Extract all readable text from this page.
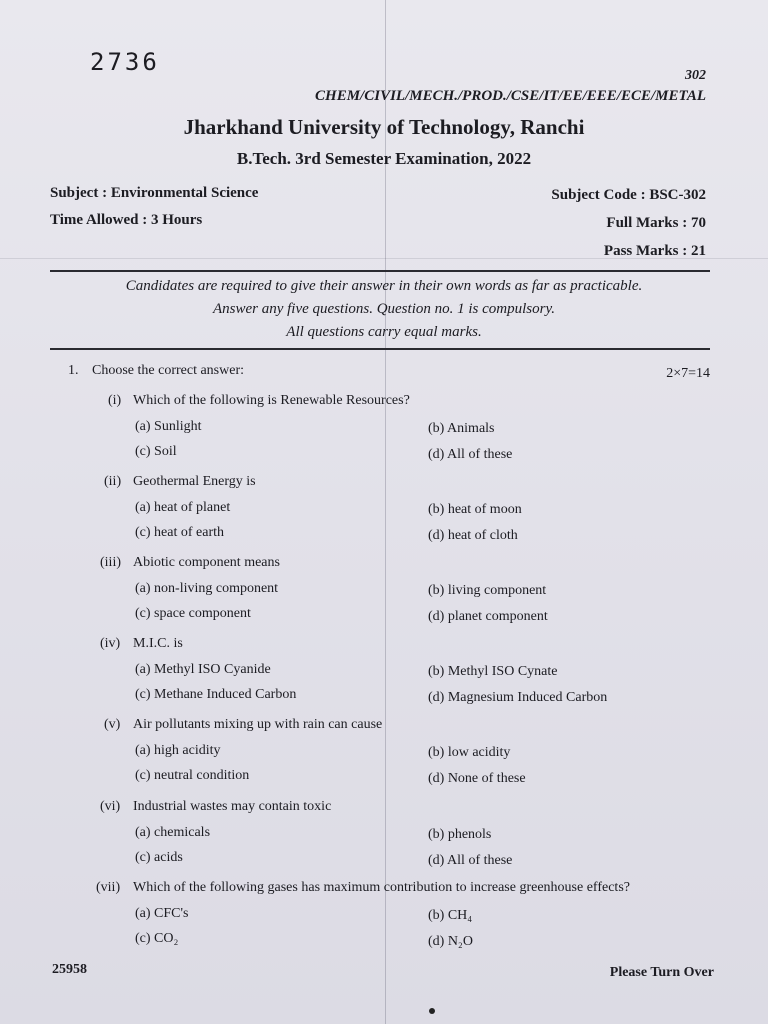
2736	302
CHEM/CIVIL/MECH./PROD./CSE/IT/EE/EEE/ECE/METAL
Jharkhand University of Technology, Ranchi
B.Tech. 3rd Semester Examination, 2022
Subject : Environmental Science	Subject Code : BSC-302
Time Allowed : 3 Hours	Full Marks : 70
Pass Marks : 21
Candidates are required to give their answer in their own words as far as practicable.
Answer any five questions. Question no. 1 is compulsory.
All questions carry equal marks.
1. Choose the correct answer:	2×7=14
(i) Which of the following is Renewable Resources?
(a) Sunlight	(b) Animals
(c) Soil	(d) All of these
(ii) Geothermal Energy is
(a) heat of planet	(b) heat of moon
(c) heat of earth	(d) heat of cloth
(iii) Abiotic component means
(a) non-living component	(b) living component
(c) space component	(d) planet component
(iv) M.I.C. is
(a) Methyl ISO Cyanide	(b) Methyl ISO Cynate
(c) Methane Induced Carbon	(d) Magnesium Induced Carbon
(v) Air pollutants mixing up with rain can cause
(a) high acidity	(b) low acidity
(c) neutral condition	(d) None of these
(vi) Industrial wastes may contain toxic
(a) chemicals	(b) phenols
(c) acids	(d) All of these
(vii) Which of the following gases has maximum contribution to increase greenhouse effects?
(a) CFC's	(b) CH₄
(c) CO₂	(d) N₂O
25958	Please Turn Over
